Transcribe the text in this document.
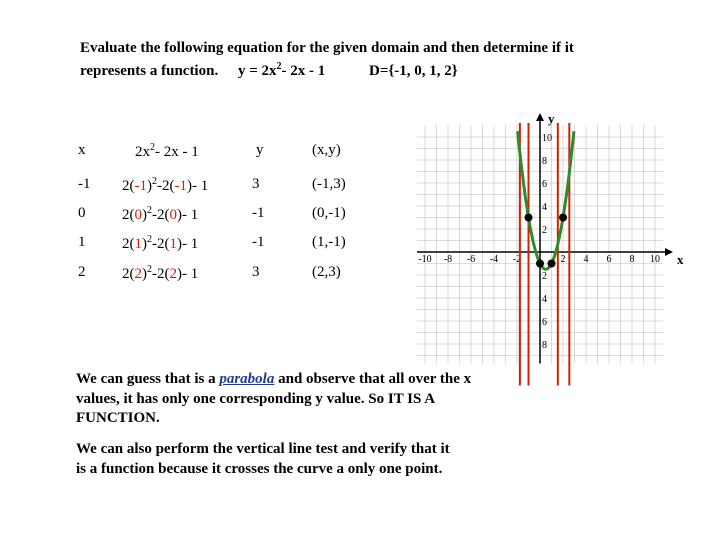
Evaluate the following equation for the given domain and then determine if it
represents a function. $y = 2x^2-$ 2x - 1	D={-1, 0, 1, 2}
x	$2x^2-$ 2x - 1	y	(x,y)
-1 $2(-1)^2-2(-1)-$ 1	3	(-1,3)
0 $2(0)^2-2(0)-$ 1	-1	(0,-1)
1 $2(1)^2-2(1)-$ 1	-1	(1,-1)
2 $2(2)^2-2(2)-$ 1	3	(2,3)
-10 -8 -6 -4 -2	2 4 6 8 10
10
8
6
4
2
2
4
6
8
x
y
We can guess that is a parabola and observe that all over the x values, it has only one corresponding y value. So IT IS A FUNCTION.
We can also perform the vertical line test and verify that it is a function because it crosses the curve a only one point.
